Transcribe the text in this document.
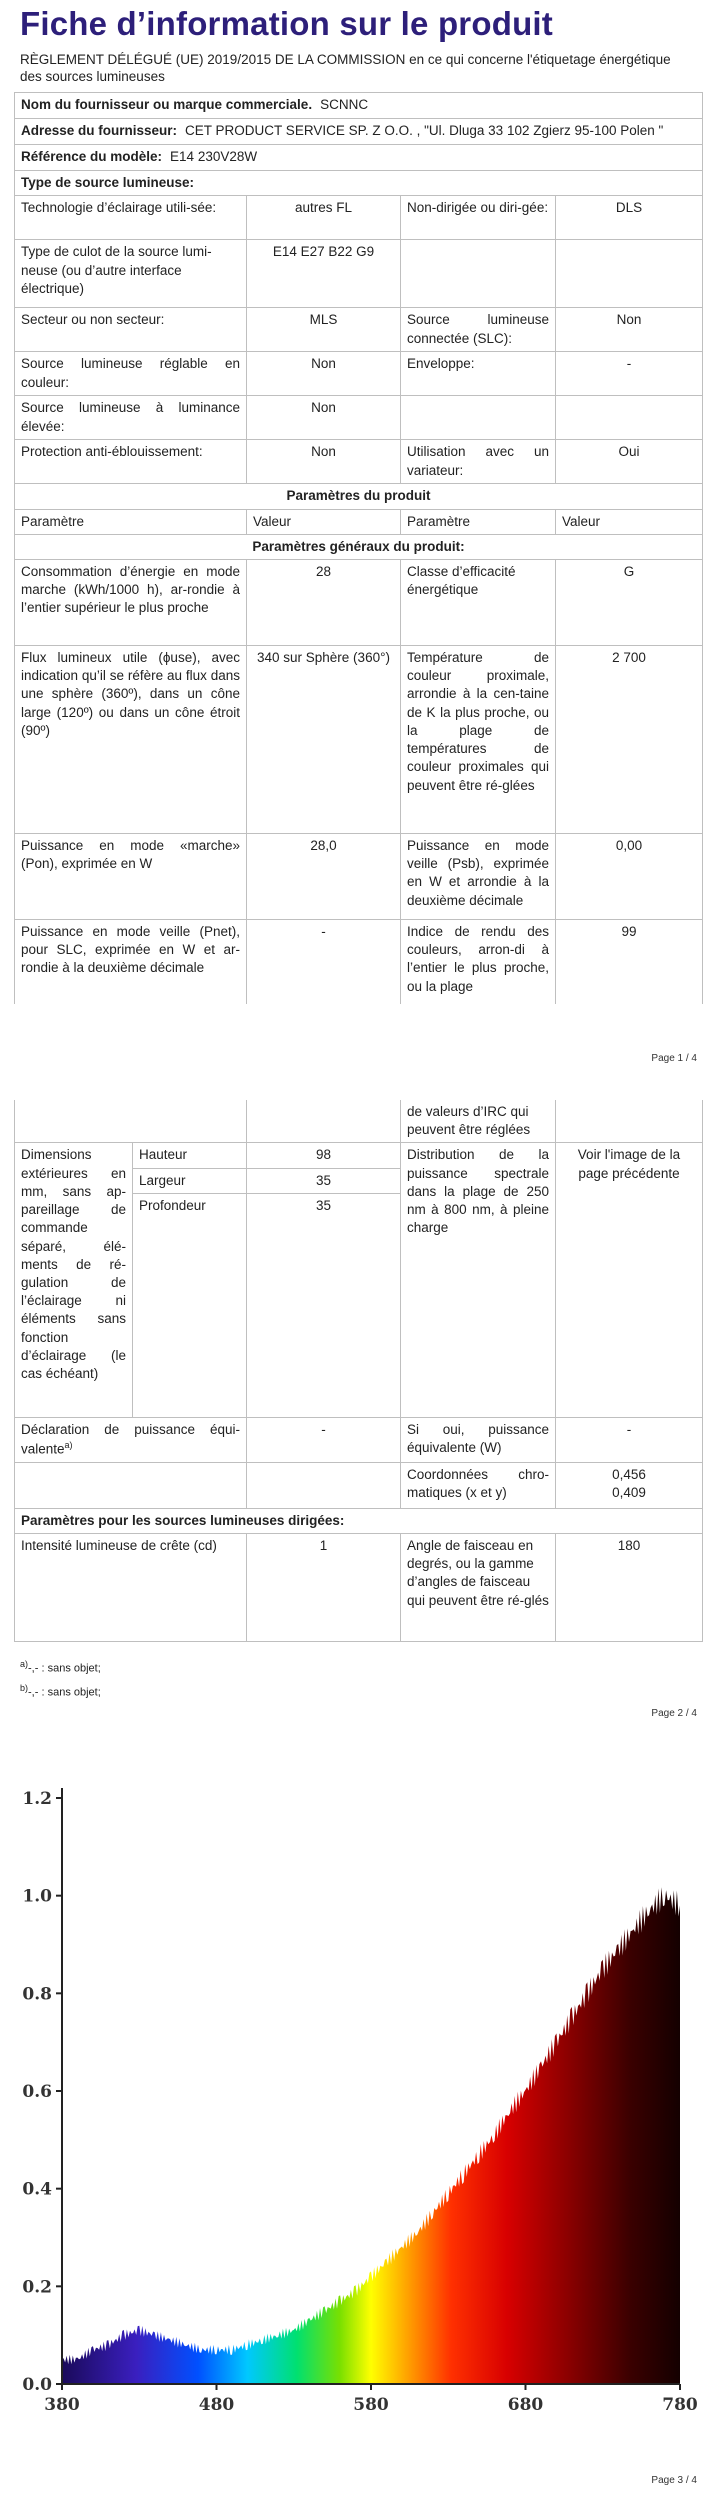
Fiche d’information sur le produit
RÈGLEMENT DÉLÉGUÉ (UE) 2019/2015 DE LA COMMISSION en ce qui concerne l'étiquetage énergétique des sources lumineuses
Nom du fournisseur ou marque commerciale. SCNNC			
Adresse du fournisseur: CET PRODUCT SERVICE SP. Z O.O. , "Ul. Dluga 33 102 Zgierz 95-100 Polen "			
Référence du modèle: E14 230V28W			
Type de source lumineuse:			
Technologie d’éclairage utili-sée:	autres FL	Non-dirigée ou diri-gée:	DLS
Type de culot de la source lumi-neuse (ou d’autre interface électrique)	E14 E27 B22 G9		
Secteur ou non secteur:	MLS	Source lumineuse connectée (SLC):	Non
Source lumineuse réglable en couleur:	Non	Enveloppe:	-
Source lumineuse à luminance élevée:	Non		
Protection anti-éblouissement:	Non	Utilisation avec un variateur:	Oui
Paramètres du produit			
Paramètre	Valeur	Paramètre	Valeur
Paramètres généraux du produit:			
Consommation d’énergie en mode marche (kWh/1000 h), ar-rondie à l’entier supérieur le plus proche	28	Classe d’efficacité énergétique	G
Flux lumineux utile (ϕuse), avec indication qu’il se réfère au flux dans une sphère (360º), dans un cône large (120º) ou dans un cône étroit (90º)	340 sur Sphère (360°)	Température de couleur proximale, arrondie à la cen-taine de K la plus proche, ou la plage de températures de couleur proximales qui peuvent être ré-glées	2 700
Puissance en mode «marche» (Pon), exprimée en W	28,0	Puissance en mode veille (Psb), exprimée en W et arrondie à la deuxième décimale	0,00
Puissance en mode veille (Pnet), pour SLC, exprimée en W et ar-rondie à la deuxième décimale	-	Indice de rendu des couleurs, arron-di à l’entier le plus proche, ou la plage	99
Page 1 / 4
			de valeurs d’IRC qui peuvent être réglées	
Dimensions extérieures en mm, sans ap-pareillage de commande séparé, élé-ments de ré-gulation de l’éclairage ni éléments sans fonction d’éclairage (le cas échéant)	Hauteur	98	Distribution de la puissance spectrale dans la plage de 250 nm à 800 nm, à pleine charge	Voir l'image de la page précédente
	Largeur	35		
	Profondeur	35		
Déclaration de puissance équi-valente$^{a)}$		-	Si oui, puissance équivalente (W)	-
			Coordonnées chro-matiques (x et y)	0,456
0,409

Paramètres pour les sources lumineuses dirigées:				
Intensité lumineuse de crête (cd)		1	Angle de faisceau en degrés, ou la gamme d’angles de faisceau qui peuvent être ré-glés	180
$^{a)}$-,- : sans objet;
$^{b)}$-,- : sans objet;
Page 2 / 4
0.0
0.2
0.4
0.6
0.8
1.0
1.2
380	480	580	680	780
Page 3 / 4
